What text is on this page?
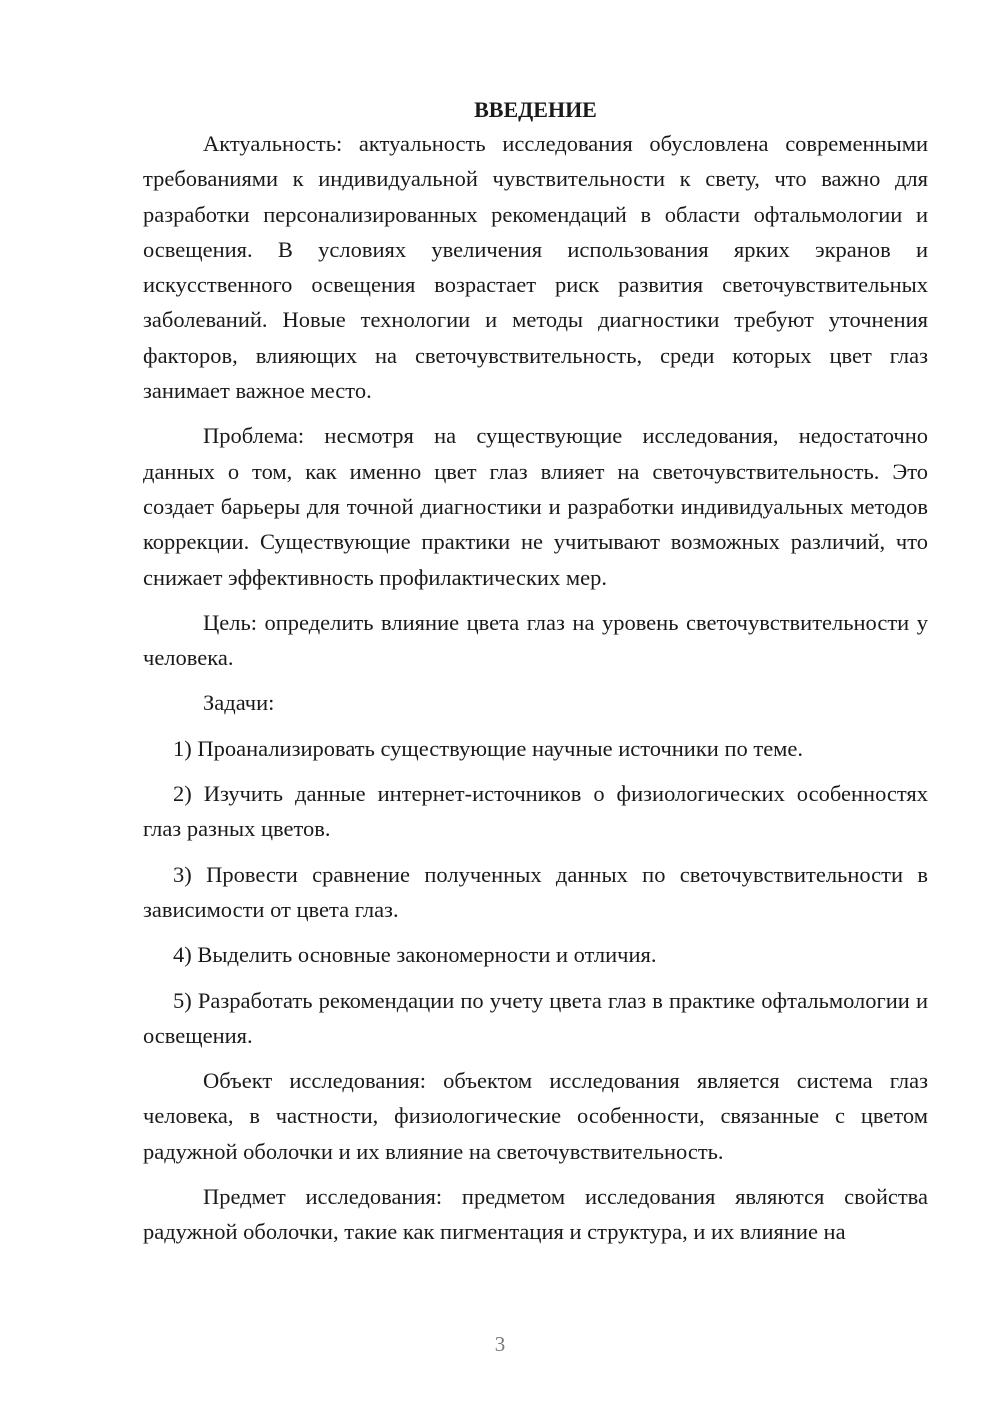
ВВЕДЕНИЕ

Актуальность: актуальность исследования обусловлена современными требованиями к индивидуальной чувствительности к свету, что важно для разработки персонализированных рекомендаций в области офтальмологии и освещения. В условиях увеличения использования ярких экранов и искусственного освещения возрастает риск развития светочувствительных заболеваний. Новые технологии и методы диагностики требуют уточнения факторов, влияющих на светочувствительность, среди которых цвет глаз занимает важное место.

Проблема: несмотря на существующие исследования, недостаточно данных о том, как именно цвет глаз влияет на светочувствительность. Это создает барьеры для точной диагностики и разработки индивидуальных методов коррекции. Существующие практики не учитывают возможных различий, что снижает эффективность профилактических мер.

Цель: определить влияние цвета глаз на уровень светочувствительности у человека.

Задачи:

1) Проанализировать существующие научные источники по теме.

2) Изучить данные интернет-источников о физиологических особенностях глаз разных цветов.

3) Провести сравнение полученных данных по светочувствительности в зависимости от цвета глаз.

4) Выделить основные закономерности и отличия.

5) Разработать рекомендации по учету цвета глаз в практике офтальмологии и освещения.

Объект исследования: объектом исследования является система глаз человека, в частности, физиологические особенности, связанные с цветом радужной оболочки и их влияние на светочувствительность.

Предмет исследования: предметом исследования являются свойства радужной оболочки, такие как пигментация и структура, и их влияние на

3
